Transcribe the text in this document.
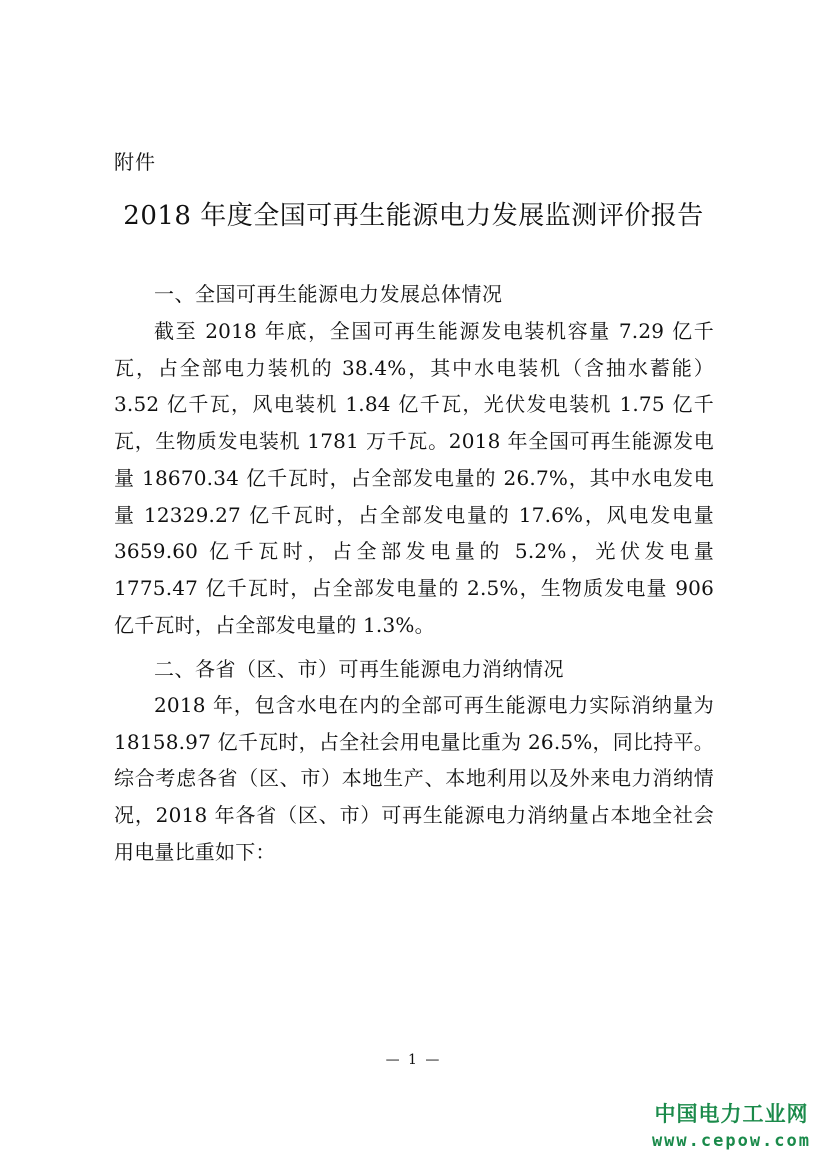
附件
2018 年度全国可再生能源电力发展监测评价报告
一、全国可再生能源电力发展总体情况
截至 2018 年底，全国可再生能源发电装机容量 7.29 亿千瓦，占全部电力装机的 38.4%，其中水电装机（含抽水蓄能）3.52 亿千瓦，风电装机 1.84 亿千瓦，光伏发电装机 1.75 亿千瓦，生物质发电装机 1781 万千瓦。2018 年全国可再生能源发电量 18670.34 亿千瓦时，占全部发电量的 26.7%，其中水电发电量 12329.27 亿千瓦时，占全部发电量的 17.6%，风电发电量 3659.60 亿千瓦时，占全部发电量的 5.2%，光伏发电量 1775.47 亿千瓦时，占全部发电量的 2.5%，生物质发电量 906 亿千瓦时，占全部发电量的 1.3%。
二、各省（区、市）可再生能源电力消纳情况
2018 年，包含水电在内的全部可再生能源电力实际消纳量为 18158.97 亿千瓦时，占全社会用电量比重为 26.5%，同比持平。综合考虑各省（区、市）本地生产、本地利用以及外来电力消纳情况，2018 年各省（区、市）可再生能源电力消纳量占本地全社会用电量比重如下：
— 1 —
中国电力工业网
www.cepow.com
